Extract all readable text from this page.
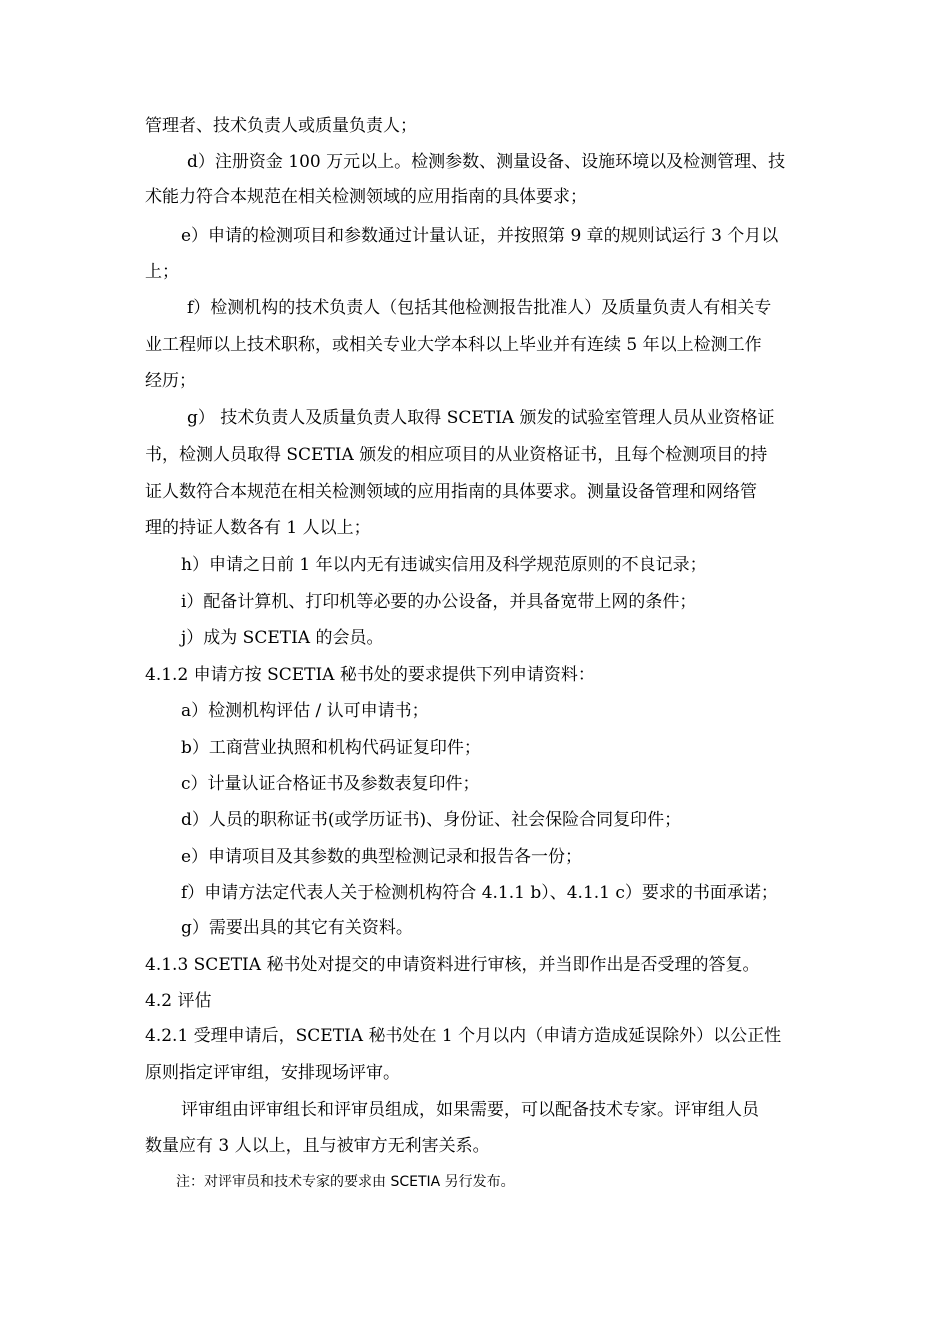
管理者、技术负责人或质量负责人；
d）注册资金 100 万元以上。检测参数、测量设备、设施环境以及检测管理、技
术能力符合本规范在相关检测领域的应用指南的具体要求；
e）申请的检测项目和参数通过计量认证，并按照第 9 章的规则试运行 3 个月以
上；
f）检测机构的技术负责人（包括其他检测报告批准人）及质量负责人有相关专
业工程师以上技术职称，或相关专业大学本科以上毕业并有连续 5 年以上检测工作
经历；
g） 技术负责人及质量负责人取得 SCETIA 颁发的试验室管理人员从业资格证
书，检测人员取得 SCETIA 颁发的相应项目的从业资格证书，且每个检测项目的持
证人数符合本规范在相关检测领域的应用指南的具体要求。测量设备管理和网络管
理的持证人数各有 1 人以上；
h）申请之日前 1 年以内无有违诚实信用及科学规范原则的不良记录；
i）配备计算机、打印机等必要的办公设备，并具备宽带上网的条件；
j）成为 SCETIA 的会员。
4.1.2 申请方按 SCETIA 秘书处的要求提供下列申请资料：
a）检测机构评估 / 认可申请书；
b）工商营业执照和机构代码证复印件；
c）计量认证合格证书及参数表复印件；
d）人员的职称证书(或学历证书)、身份证、社会保险合同复印件；
e）申请项目及其参数的典型检测记录和报告各一份；
f）申请方法定代表人关于检测机构符合 4.1.1 b）、4.1.1 c）要求的书面承诺；
g）需要出具的其它有关资料。
4.1.3 SCETIA 秘书处对提交的申请资料进行审核，并当即作出是否受理的答复。
4.2 评估
4.2.1 受理申请后，SCETIA 秘书处在 1 个月以内（申请方造成延误除外）以公正性
原则指定评审组，安排现场评审。
评审组由评审组长和评审员组成，如果需要，可以配备技术专家。评审组人员
数量应有 3 人以上，且与被审方无利害关系。
注：对评审员和技术专家的要求由 SCETIA 另行发布。
